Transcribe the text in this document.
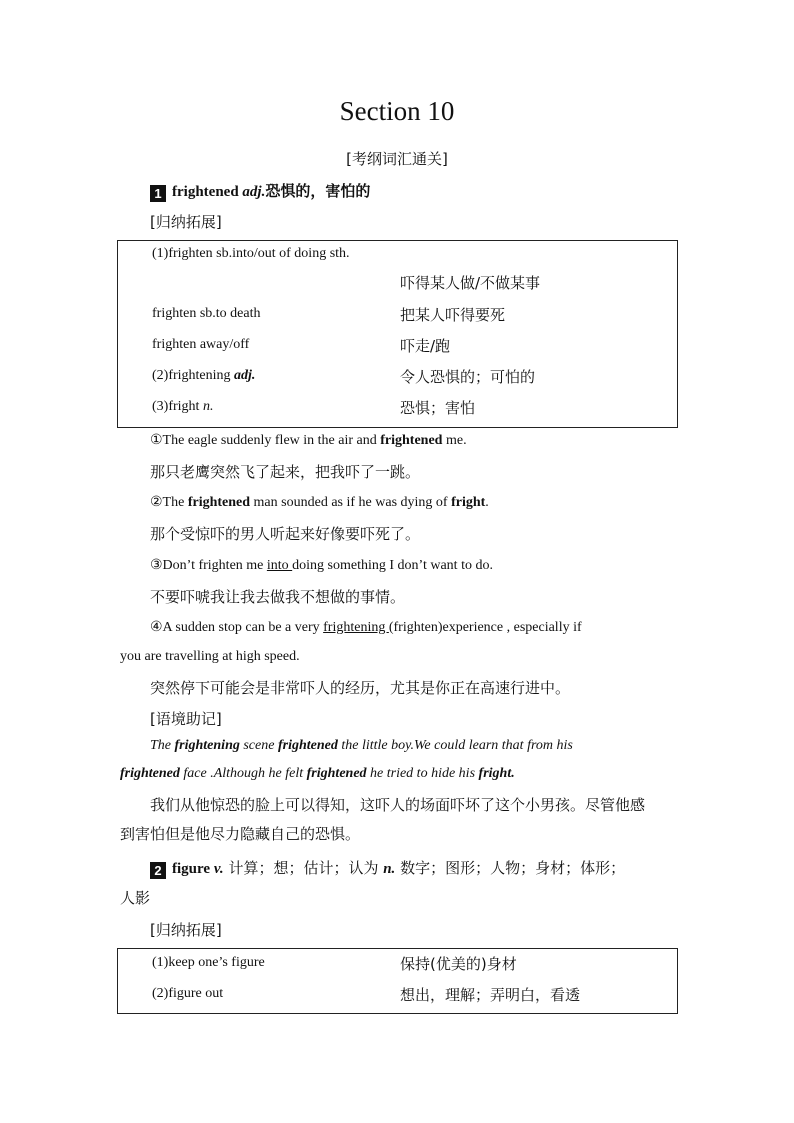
Section 10
[考纲词汇通关]
1 frightened adj.恐惧的，害怕的
[归纳拓展]
(1)frighten sb.into/out of doing sth.
吓得某人做/不做某事
frighten sb.to death	把某人吓得要死
frighten away/off	吓走/跑
(2)frightening adj.	令人恐惧的；可怕的
(3)fright n.	恐惧；害怕
①The eagle suddenly flew in the air and frightened me.
那只老鹰突然飞了起来，把我吓了一跳。
②The frightened man sounded as if he was dying of fright.
那个受惊吓的男人听起来好像要吓死了。
③Don’t frighten me into doing something I don’t want to do.
不要吓唬我让我去做我不想做的事情。
④A sudden stop can be a very frightening (frighten)experience , especially if
you are travelling at high speed.
突然停下可能会是非常吓人的经历，尤其是你正在高速行进中。
[语境助记]
The frightening scene frightened the little boy.We could learn that from his
frightened face .Although he felt frightened he tried to hide his fright.
我们从他惊恐的脸上可以得知，这吓人的场面吓坏了这个小男孩。尽管他感
到害怕但是他尽力隐藏自己的恐惧。
2 figure v. 计算；想；估计；认为 n. 数字；图形；人物；身材；体形；
人影
[归纳拓展]
(1)keep one’s figure	保持(优美的)身材
(2)figure out	想出，理解；弄明白，看透
